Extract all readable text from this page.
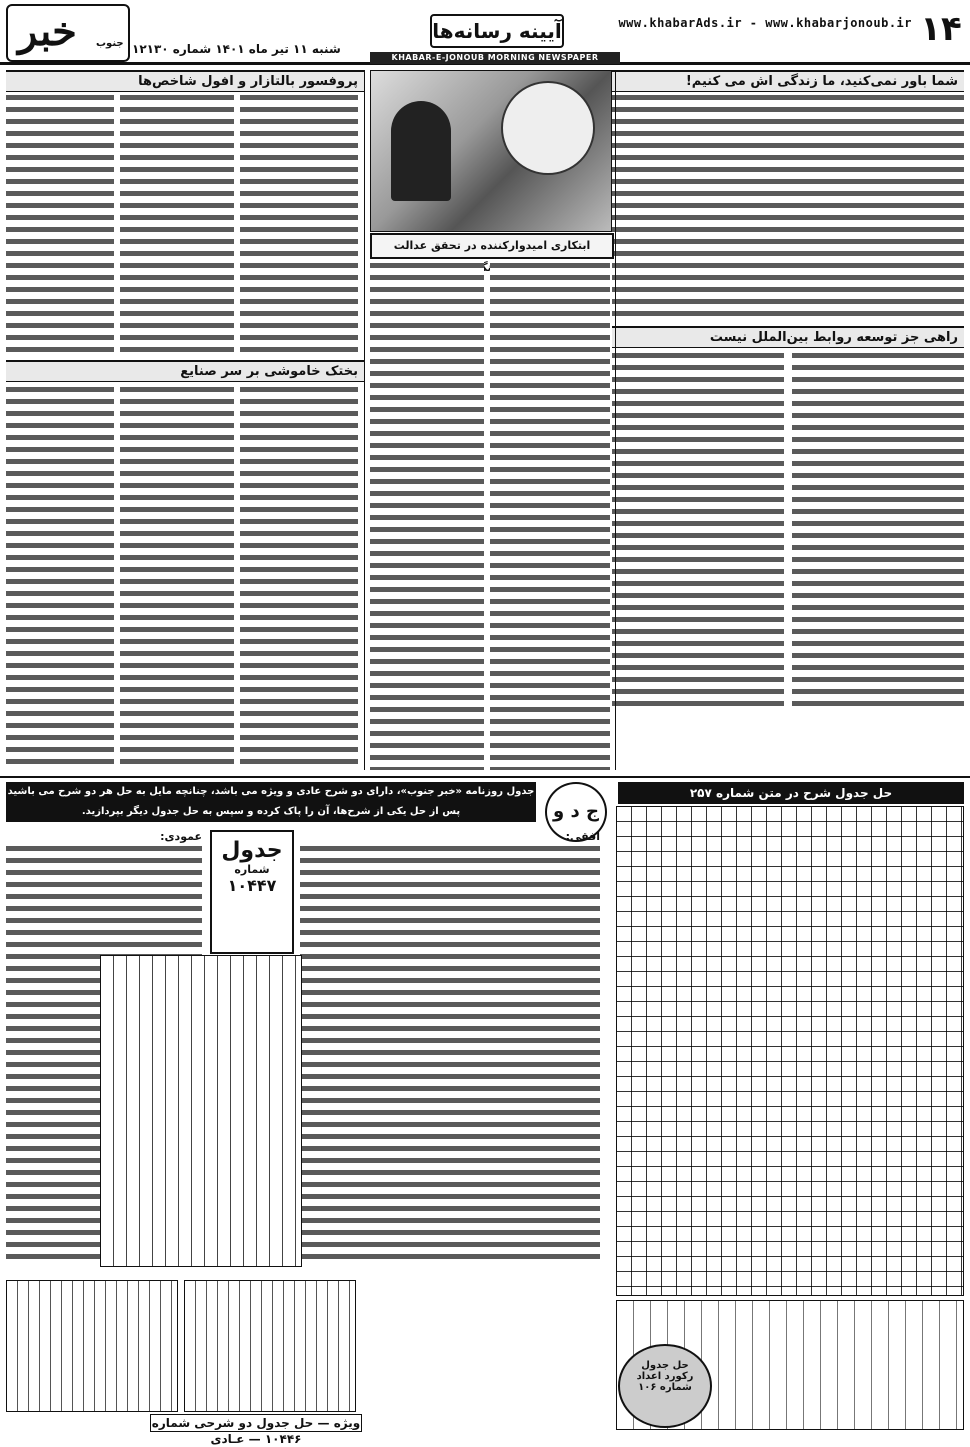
۱۴
www.khabarAds.ir - www.khabarjonoub.ir
آیینه رسانه‌ها
شنبه ۱۱ تیر ماه ۱۴۰۱ شماره ۱۲۱۳۰
KHABAR-E-JONOUB MORNING NEWSPAPER
خبر جنوب
شما باور نمی‌کنید، ما زندگی اش می کنیم!
راهی جز توسعه روابط بین‌الملل نیست
ابتکاری امیدوارکننده در تحقق عدالت
پروفسور بالتازار و افول شاخص‌ها
بختک خاموشی بر سر صنایع
حل جدول شرح در متن شماره ۲۵۷
حل جدول
رکورد اعداد
شماره ۱۰۶
جدول روزنامه «خبر جنوب»، دارای دو شرح عادی و ویژه می باشد، چنانچه مایل به حل هر دو شرح می باشید
پس از حل یکی از شرح‌ها، آن را پاک کرده و سپس به حل جدول دیگر بپردازید.	ج د و
افقی:
جدول
شماره
۱۰۴۴۷
عمودی:
ویژه — حل جدول دو شرحی شماره ۱۰۴۴۶ — عـادی
